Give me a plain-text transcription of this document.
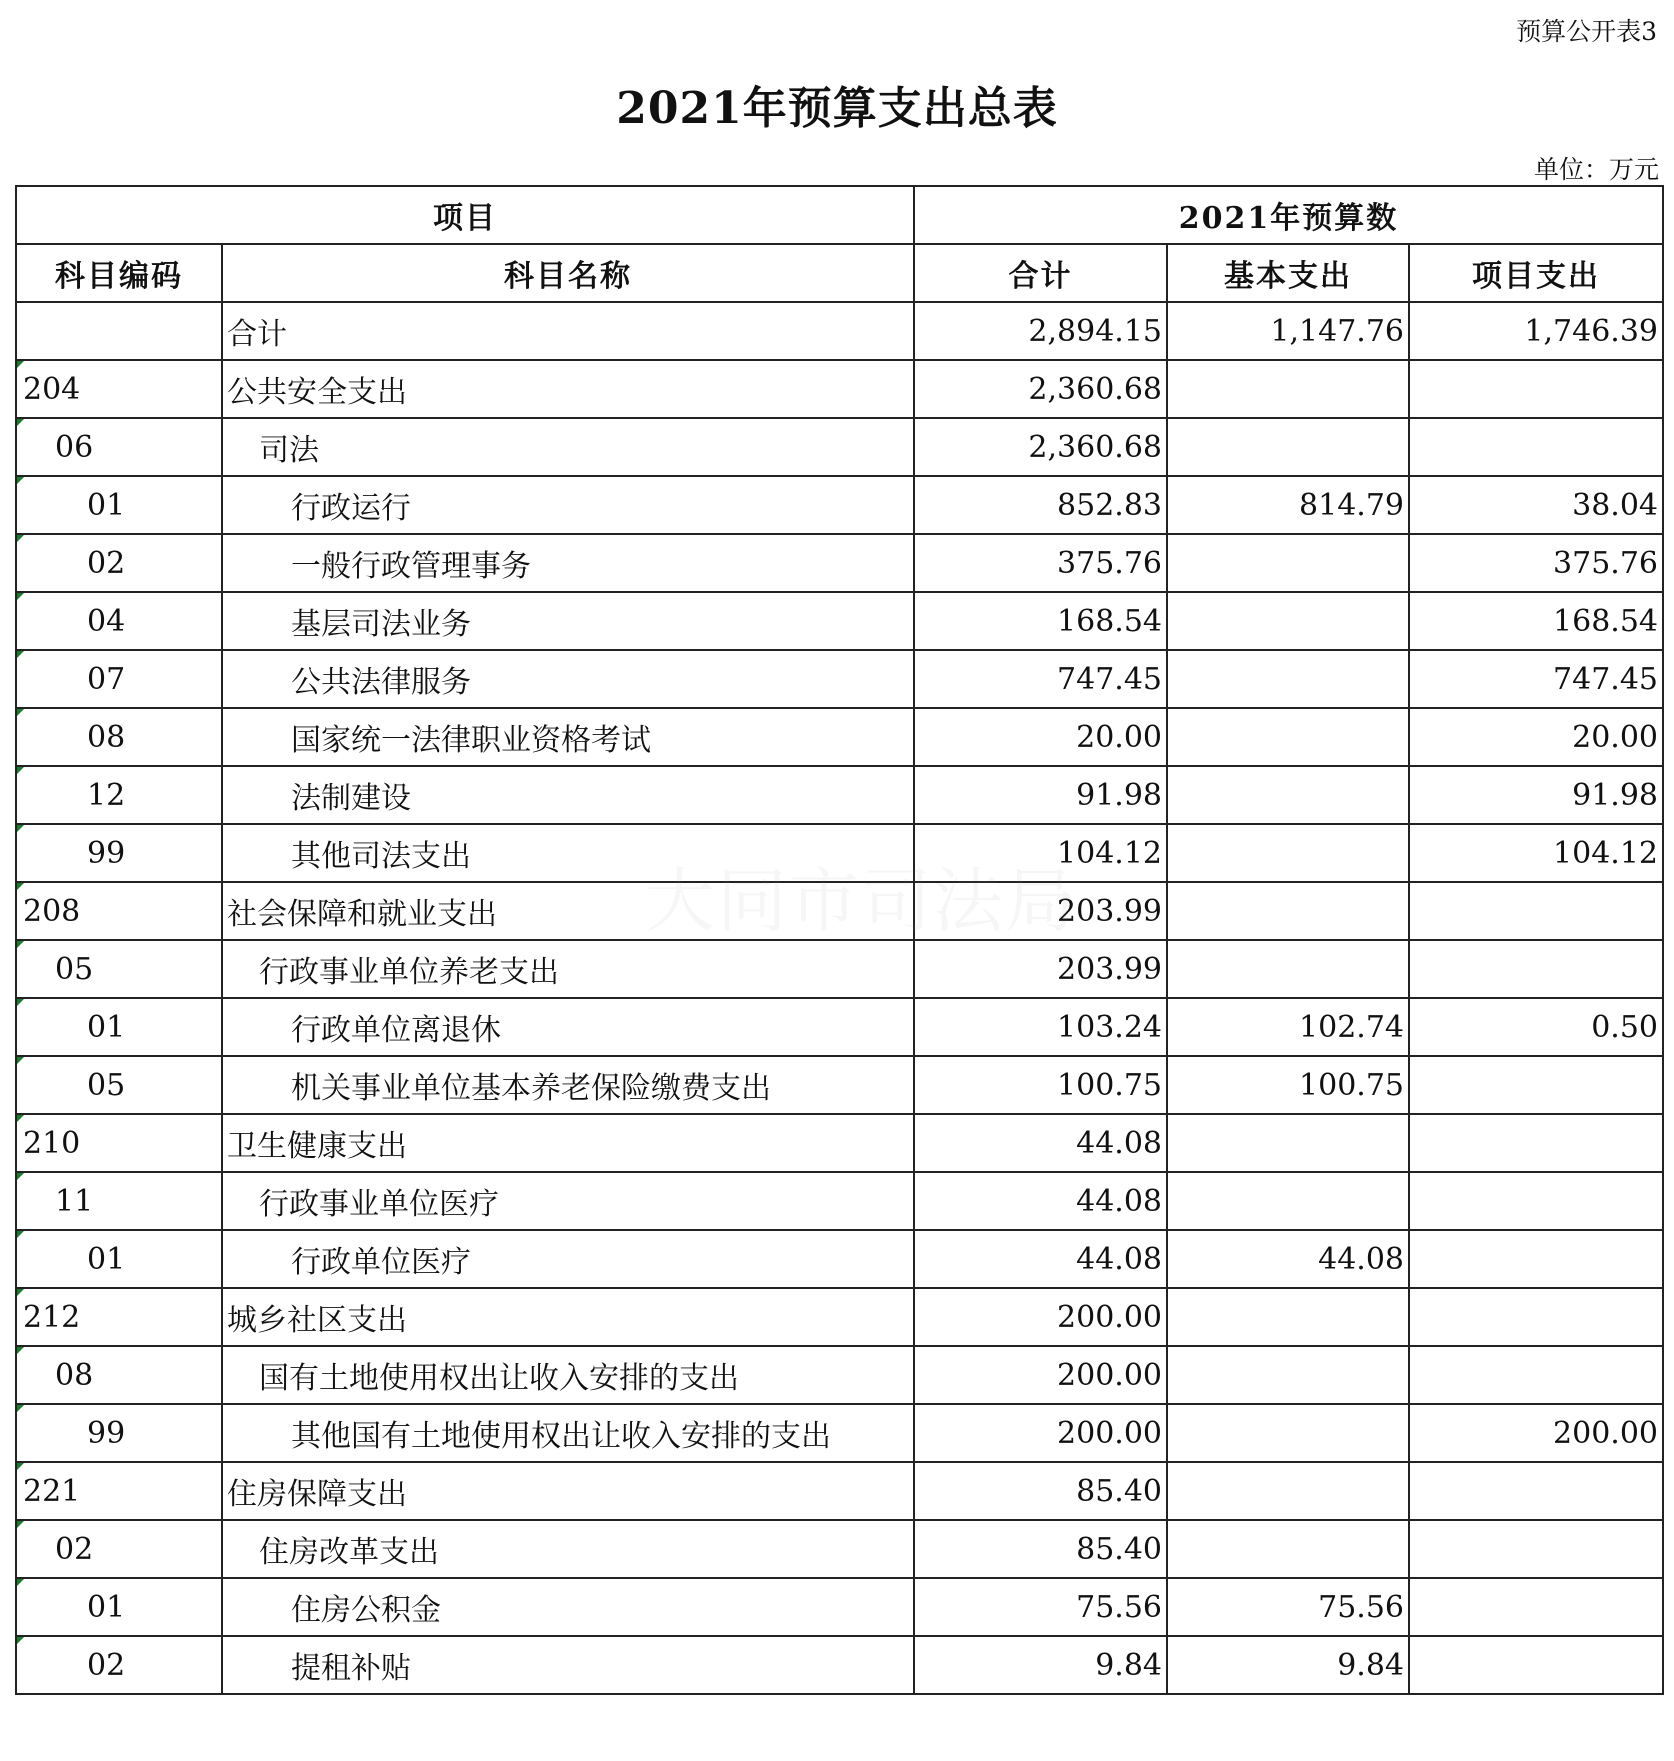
预算公开表3
2021年预算支出总表
单位：万元
项目		2021年预算数		
科目编码	科目名称	合计	基本支出	项目支出
	合计	2,894.15	1,147.76	1,746.39
204	公共安全支出	2,360.68		
06	司法	2,360.68		
01	行政运行	852.83	814.79	38.04
02	一般行政管理事务	375.76		375.76
04	基层司法业务	168.54		168.54
07	公共法律服务	747.45		747.45
08	国家统一法律职业资格考试	20.00		20.00
12	法制建设	91.98		91.98
99	其他司法支出	104.12		104.12
208	社会保障和就业支出	203.99		
05	行政事业单位养老支出	203.99		
01	行政单位离退休	103.24	102.74	0.50
05	机关事业单位基本养老保险缴费支出	100.75	100.75	
210	卫生健康支出	44.08		
11	行政事业单位医疗	44.08		
01	行政单位医疗	44.08	44.08	
212	城乡社区支出	200.00		
08	国有土地使用权出让收入安排的支出	200.00		
99	其他国有土地使用权出让收入安排的支出	200.00		200.00
221	住房保障支出	85.40		
02	住房改革支出	85.40		
01	住房公积金	75.56	75.56	
02	提租补贴	9.84	9.84	
大同市司法局
